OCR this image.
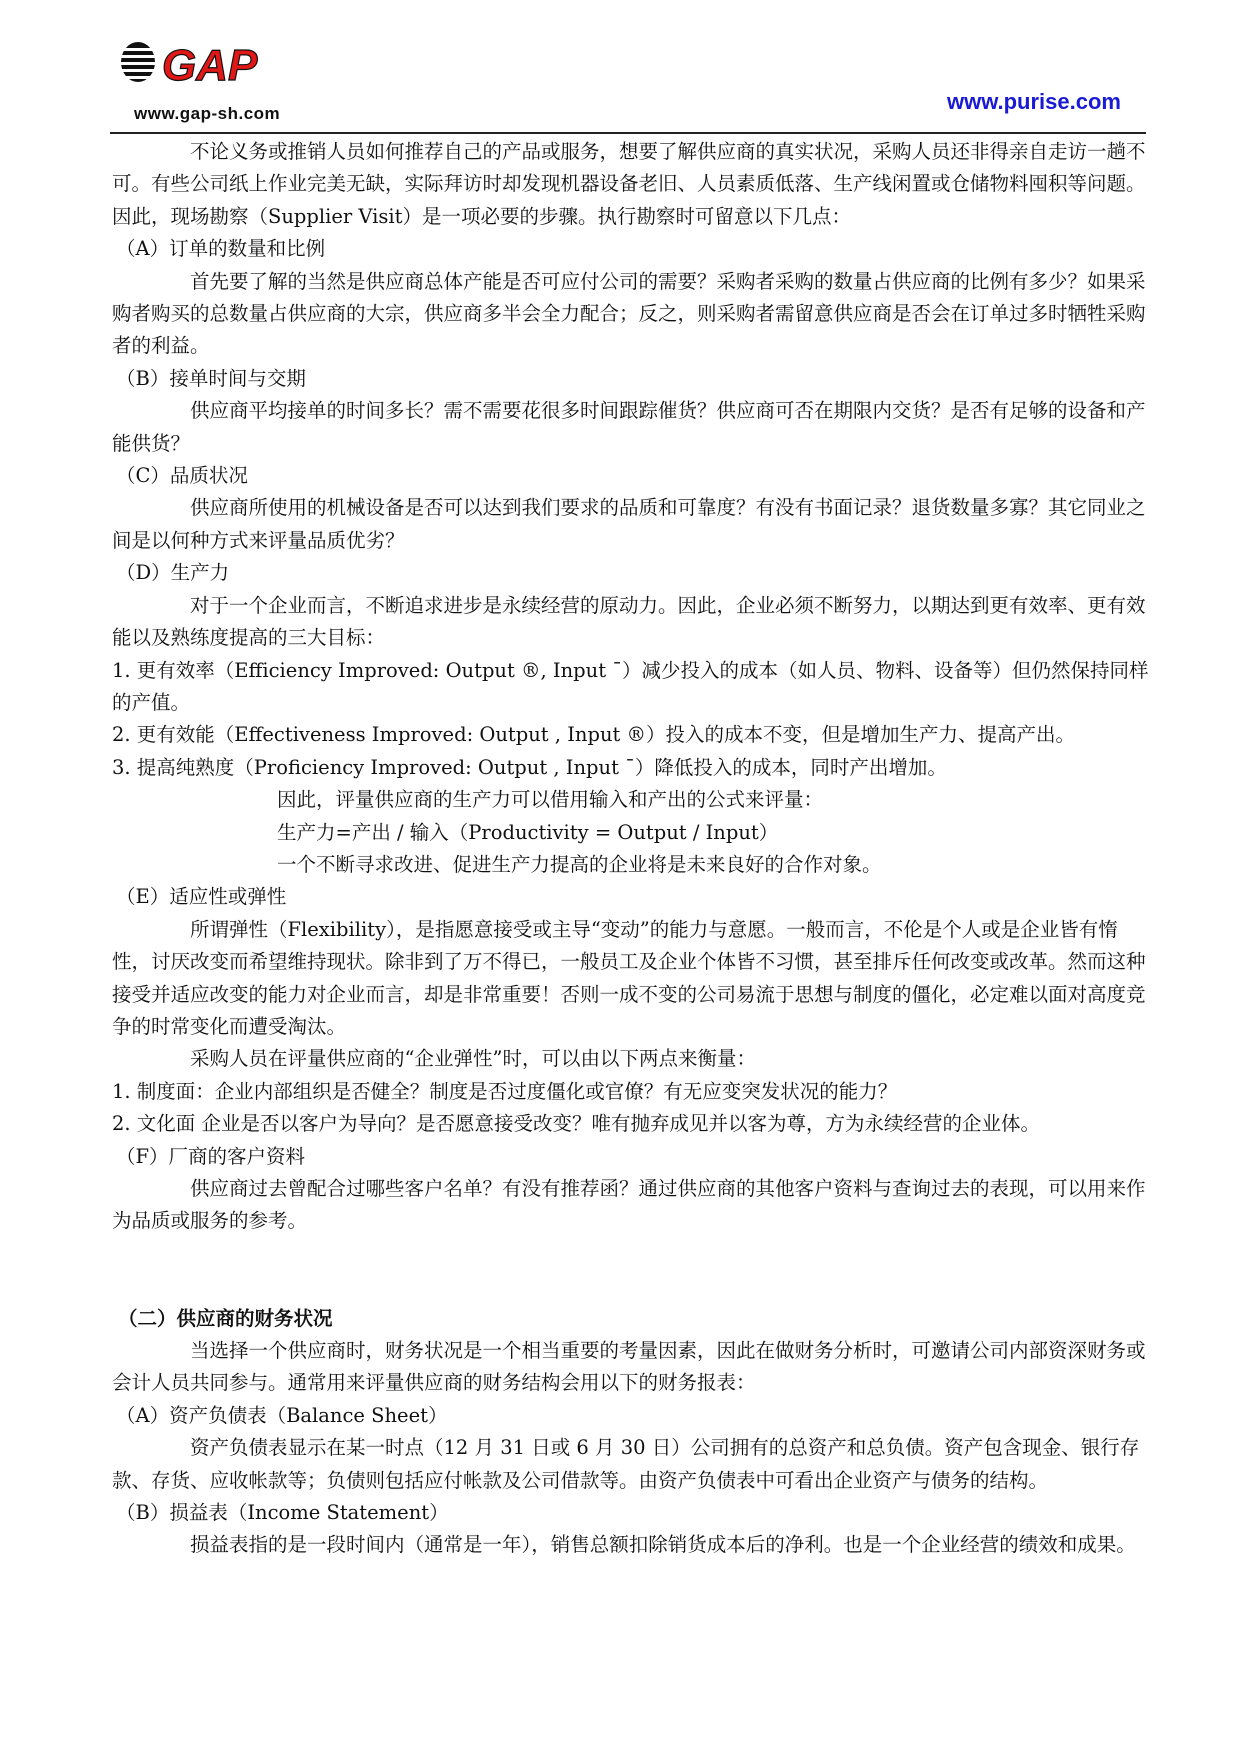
GAP
www.gap-sh.com	www.purise.com

不论义务或推销人员如何推荐自己的产品或服务，想要了解供应商的真实状况，采购人员还非得亲自走访一趟不可。有些公司纸上作业完美无缺，实际拜访时却发现机器设备老旧、人员素质低落、生产线闲置或仓储物料囤积等问题。因此，现场勘察（Supplier Visit）是一项必要的步骤。执行勘察时可留意以下几点：

（A）订单的数量和比例

首先要了解的当然是供应商总体产能是否可应付公司的需要？采购者采购的数量占供应商的比例有多少？如果采购者购买的总数量占供应商的大宗，供应商多半会全力配合；反之，则采购者需留意供应商是否会在订单过多时牺牲采购者的利益。

（B）接单时间与交期

供应商平均接单的时间多长？需不需要花很多时间跟踪催货？供应商可否在期限内交货？是否有足够的设备和产能供货？

（C）品质状况

供应商所使用的机械设备是否可以达到我们要求的品质和可靠度？有没有书面记录？退货数量多寡？其它同业之间是以何种方式来评量品质优劣？

（D）生产力

对于一个企业而言，不断追求进步是永续经营的原动力。因此，企业必须不断努力，以期达到更有效率、更有效能以及熟练度提高的三大目标：

1. 更有效率（Efficiency Improved: Output ®, Input ¯）减少投入的成本（如人员、物料、设备等）但仍然保持同样的产值。

2. 更有效能（Effectiveness Improved: Output , Input ®）投入的成本不变，但是增加生产力、提高产出。

3. 提高纯熟度（Proficiency Improved: Output , Input ¯）降低投入的成本，同时产出增加。

因此，评量供应商的生产力可以借用输入和产出的公式来评量：

生产力=产出 / 输入（Productivity = Output / Input）

一个不断寻求改进、促进生产力提高的企业将是未来良好的合作对象。

（E）适应性或弹性

所谓弹性（Flexibility），是指愿意接受或主导“变动”的能力与意愿。一般而言，不伦是个人或是企业皆有惰性，讨厌改变而希望维持现状。除非到了万不得已，一般员工及企业个体皆不习惯，甚至排斥任何改变或改革。然而这种接受并适应改变的能力对企业而言，却是非常重要！否则一成不变的公司易流于思想与制度的僵化，必定难以面对高度竞争的时常变化而遭受淘汰。

采购人员在评量供应商的“企业弹性”时，可以由以下两点来衡量：

1. 制度面：企业内部组织是否健全？制度是否过度僵化或官僚？有无应变突发状况的能力？

2. 文化面 企业是否以客户为导向？是否愿意接受改变？唯有抛弃成见并以客为尊，方为永续经营的企业体。

（F）厂商的客户资料

供应商过去曾配合过哪些客户名单？有没有推荐函？通过供应商的其他客户资料与查询过去的表现，可以用来作为品质或服务的参考。

（二）供应商的财务状况

当选择一个供应商时，财务状况是一个相当重要的考量因素，因此在做财务分析时，可邀请公司内部资深财务或会计人员共同参与。通常用来评量供应商的财务结构会用以下的财务报表：

（A）资产负债表（Balance Sheet）

资产负债表显示在某一时点（12 月 31 日或 6 月 30 日）公司拥有的总资产和总负债。资产包含现金、银行存款、存货、应收帐款等；负债则包括应付帐款及公司借款等。由资产负债表中可看出企业资产与债务的结构。

（B）损益表（Income Statement）

损益表指的是一段时间内（通常是一年），销售总额扣除销货成本后的净利。也是一个企业经营的绩效和成果。
